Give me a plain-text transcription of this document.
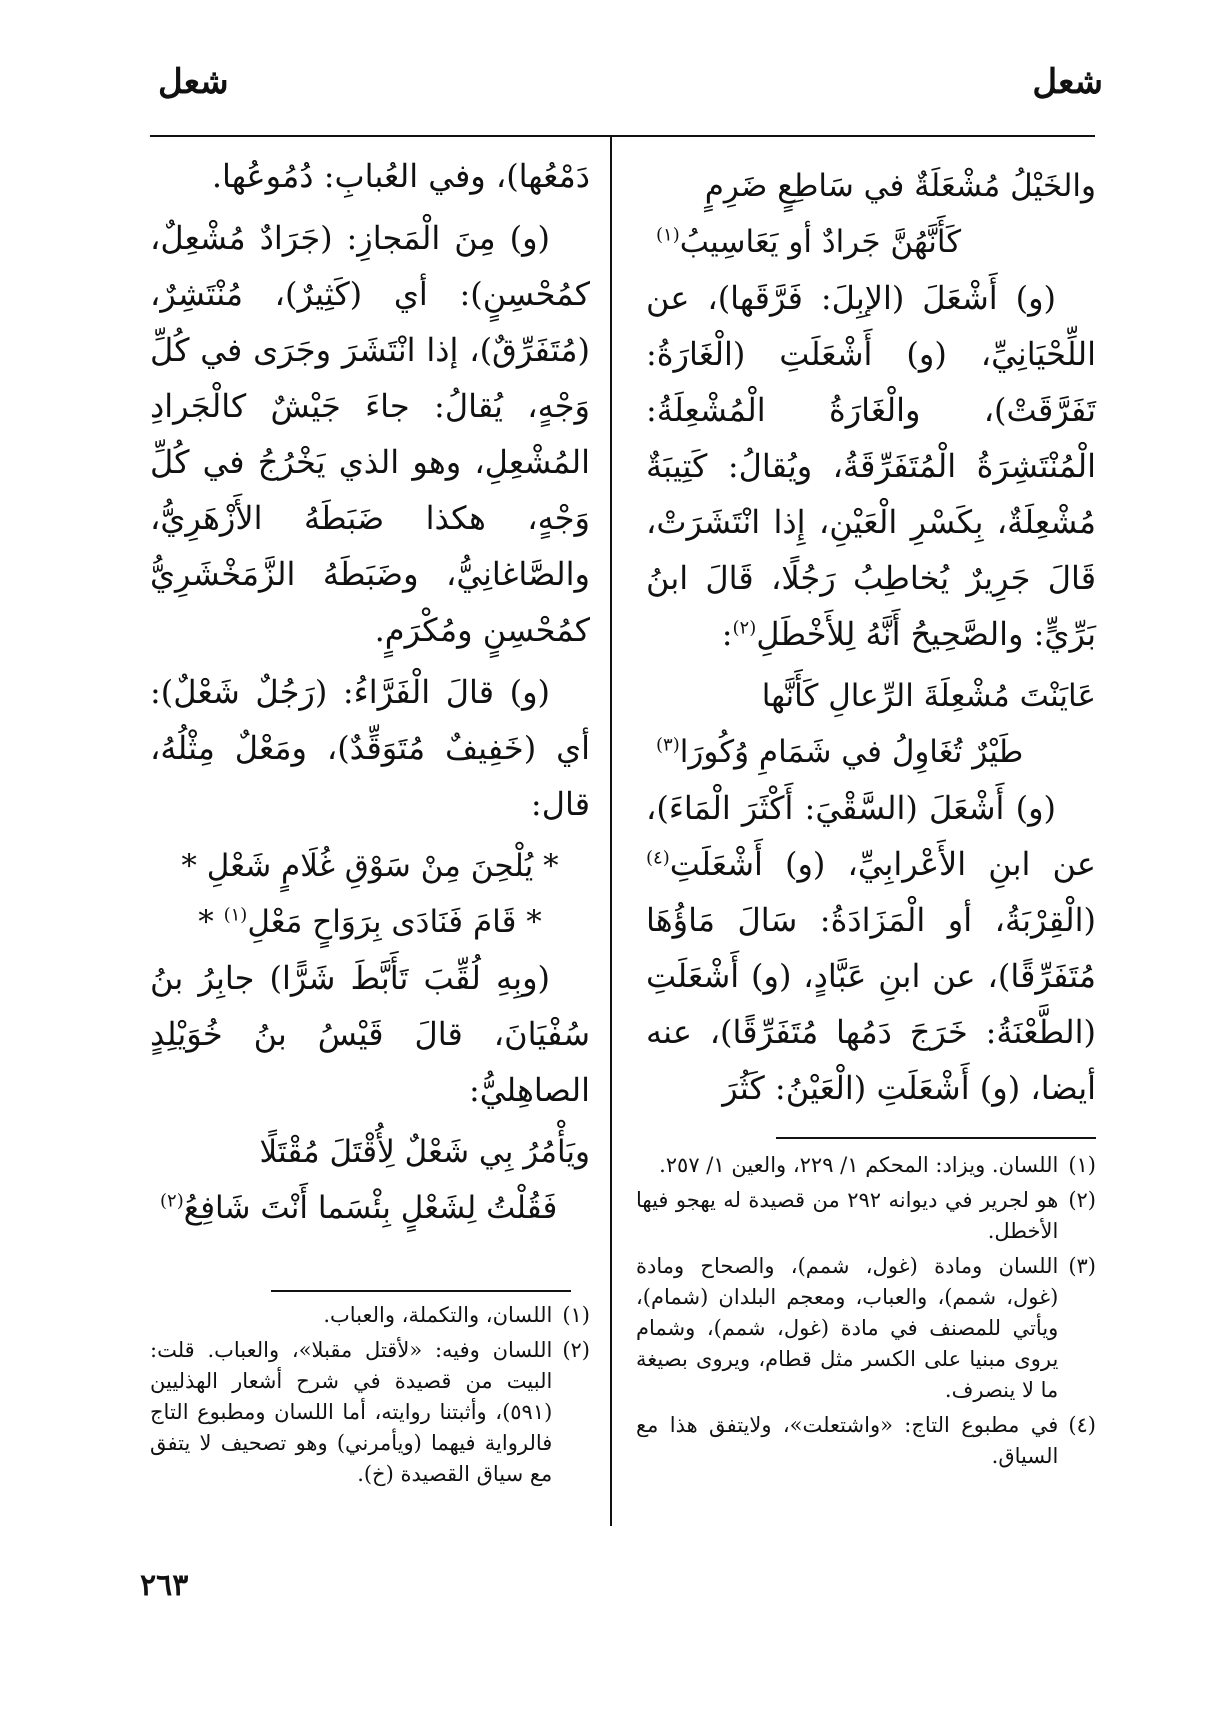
شعل
شعل

والخَيْلُ مُشْعَلَةٌ في سَاطِعٍ ضَرِمٍ

كَأَنَّهُنَّ جَرادٌ أو يَعَاسِيبُ$^{(١)}$

(و) أَشْعَلَ (الإبِلَ: فَرَّقَها)، عن اللِّحْيَانِيِّ، (و) أَشْعَلَتِ (الْغَارَةُ: تَفَرَّقَتْ)، والْغَارَةُ الْمُشْعِلَةُ: الْمُنْتَشِرَةُ الْمُتَفَرِّقَةُ، ويُقالُ: كَتِيبَةٌ مُشْعِلَةٌ، بِكَسْرِ الْعَيْنِ، إِذا انْتَشَرَتْ، قَالَ جَرِيرٌ يُخاطِبُ رَجُلًا، قَالَ ابنُ بَرِّيٍّ: والصَّحِيحُ أَنَّهُ لِلأَخْطَلِ$^{(٢)}$:

عَايَنْتَ مُشْعِلَةَ الرِّعالِ كَأَنَّها

طَيْرٌ تُغَاوِلُ في شَمَامِ وُكُورَا$^{(٣)}$

(و) أَشْعَلَ (السَّقْيَ: أَكْثَرَ الْمَاءَ)، عن ابنِ الأَعْرابِيِّ، (و) أَشْعَلَتِ$^{(٤)}$ (الْقِرْبَةُ، أو الْمَزَادَةُ: سَالَ مَاؤُهَا مُتَفَرِّقًا)، عن ابنِ عَبَّادٍ، (و) أَشْعَلَتِ (الطَّعْنَةُ: خَرَجَ دَمُها مُتَفَرِّقًا)، عنه أيضا، (و) أَشْعَلَتِ (الْعَيْنُ: كَثُرَ

دَمْعُها)، وفي العُبابِ: دُمُوعُها.

(و) مِنَ الْمَجازِ: (جَرَادٌ مُشْعِلٌ، كمُحْسِنٍ): أي (كَثِيرٌ)، مُنْتَشِرٌ، (مُتَفَرِّقٌ)، إذا انْتَشَرَ وجَرَى في كُلِّ وَجْهٍ، يُقالُ: جاءَ جَيْشٌ كالْجَرادِ المُشْعِلِ، وهو الذي يَخْرُجُ في كُلِّ وَجْهٍ، هكذا ضَبَطَهُ الأَزْهَرِيُّ، والصَّاغانِيُّ، وضَبَطَهُ الزَّمَخْشَرِيُّ كمُحْسِنٍ ومُكْرَمٍ.

(و) قالَ الْفَرَّاءُ: (رَجُلٌ شَعْلٌ): أي (خَفِيفٌ مُتَوَقِّدٌ)، ومَعْلٌ مِثْلُهُ، قال:

* يُلْحِنَ مِنْ سَوْقِ غُلَامٍ شَعْلِ *

* قَامَ فَنَادَى بِرَوَاحٍ مَعْلِ$^{(١)}$ *

(وبِهِ لُقِّبَ تَأَبَّطَ شَرًّا) جابِرُ بنُ سُفْيَانَ، قالَ قَيْسُ بنُ خُوَيْلِدٍ الصاهِليُّ:

ويَأْمُرُ بِي شَعْلٌ لِأُقْتَلَ مُقْتَلًا

فَقُلْتُ لِشَعْلٍ بِئْسَما أَنْتَ شَافِعُ$^{(٢)}$

(١)
اللسان. ويزاد: المحكم ١/ ٢٢٩، والعين ١/ ٢٥٧.
(٢)
هو لجرير في ديوانه ٢٩٢ من قصيدة له يهجو فيها الأخطل.
(٣)
اللسان ومادة (غول، شمم)، والصحاح ومادة (غول، شمم)، والعباب، ومعجم البلدان (شمام)، ويأتي للمصنف في مادة (غول، شمم)، وشمام يروى مبنيا على الكسر مثل قطام، ويروى بصيغة ما لا ينصرف.
(٤)
في مطبوع التاج: «واشتعلت»، ولايتفق هذا مع السياق.
(١)
اللسان، والتكملة، والعباب.
(٢)
اللسان وفيه: «لأقتل مقبلا»، والعباب. قلت: البيت من قصيدة في شرح أشعار الهذليين (٥٩١)، وأثبتنا روايته، أما اللسان ومطبوع التاج فالرواية فيهما (ويأمرني) وهو تصحيف لا يتفق مع سياق القصيدة (خ).
٢٦٣
